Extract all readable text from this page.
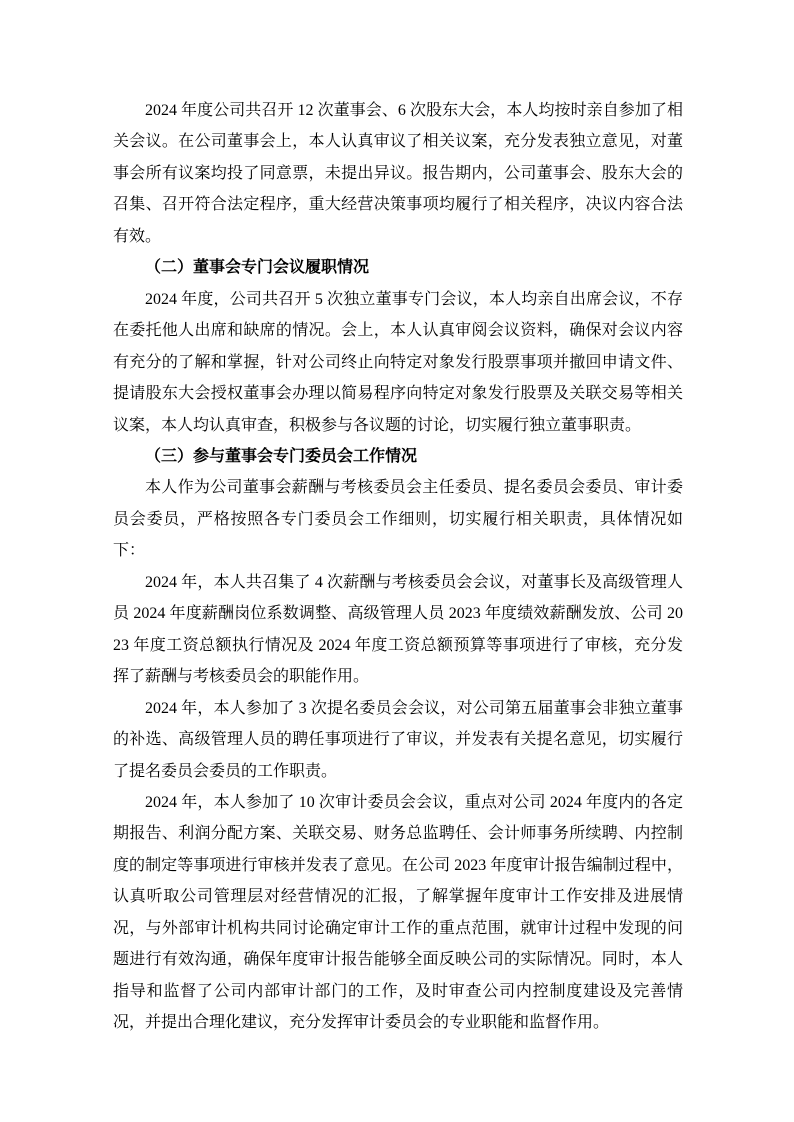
2024 年度公司共召开 12 次董事会、6 次股东大会，本人均按时亲自参加了相关会议。在公司董事会上，本人认真审议了相关议案，充分发表独立意见，对董事会所有议案均投了同意票，未提出异议。报告期内，公司董事会、股东大会的召集、召开符合法定程序，重大经营决策事项均履行了相关程序，决议内容合法有效。

（二）董事会专门会议履职情况

2024 年度，公司共召开 5 次独立董事专门会议，本人均亲自出席会议，不存在委托他人出席和缺席的情况。会上，本人认真审阅会议资料，确保对会议内容有充分的了解和掌握，针对公司终止向特定对象发行股票事项并撤回申请文件、提请股东大会授权董事会办理以简易程序向特定对象发行股票及关联交易等相关议案，本人均认真审查，积极参与各议题的讨论，切实履行独立董事职责。

（三）参与董事会专门委员会工作情况

本人作为公司董事会薪酬与考核委员会主任委员、提名委员会委员、审计委员会委员，严格按照各专门委员会工作细则，切实履行相关职责，具体情况如下：

2024 年，本人共召集了 4 次薪酬与考核委员会会议，对董事长及高级管理人员 2024 年度薪酬岗位系数调整、高级管理人员 2023 年度绩效薪酬发放、公司 2023 年度工资总额执行情况及 2024 年度工资总额预算等事项进行了审核，充分发挥了薪酬与考核委员会的职能作用。

2024 年，本人参加了 3 次提名委员会会议，对公司第五届董事会非独立董事的补选、高级管理人员的聘任事项进行了审议，并发表有关提名意见，切实履行了提名委员会委员的工作职责。

2024 年，本人参加了 10 次审计委员会会议，重点对公司 2024 年度内的各定期报告、利润分配方案、关联交易、财务总监聘任、会计师事务所续聘、内控制度的制定等事项进行审核并发表了意见。在公司 2023 年度审计报告编制过程中，认真听取公司管理层对经营情况的汇报，了解掌握年度审计工作安排及进展情况，与外部审计机构共同讨论确定审计工作的重点范围，就审计过程中发现的问题进行有效沟通，确保年度审计报告能够全面反映公司的实际情况。同时，本人指导和监督了公司内部审计部门的工作，及时审查公司内控制度建设及完善情况，并提出合理化建议，充分发挥审计委员会的专业职能和监督作用。
